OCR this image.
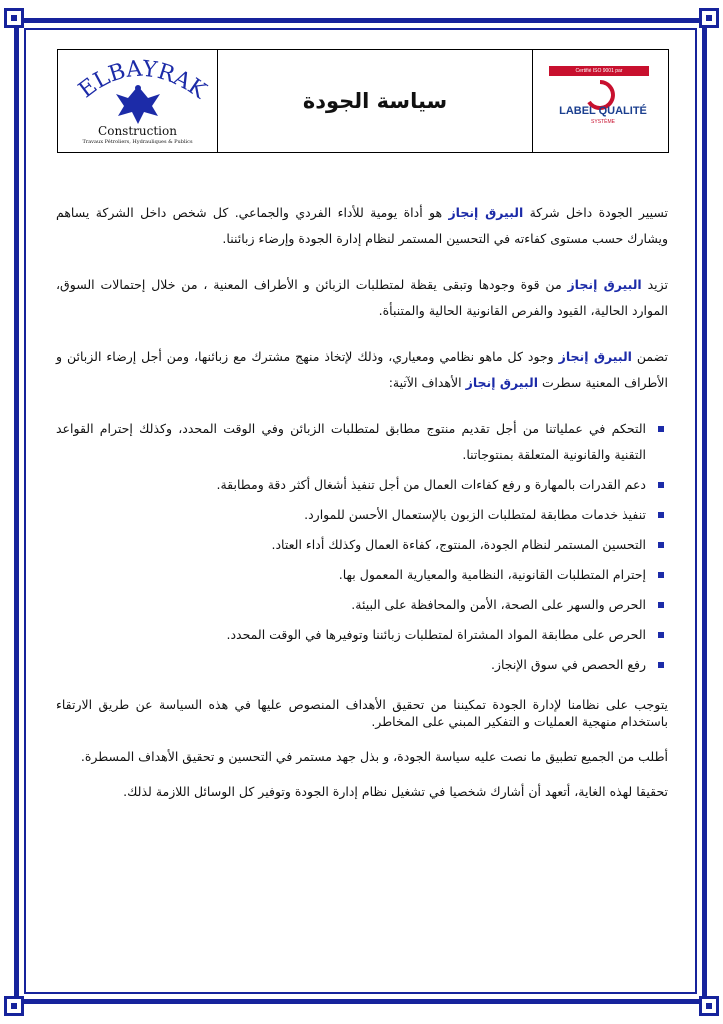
ELBAYRAK
Construction
Travaux Pétroliers, Hydrauliques & Publics
سياسة الجودة
Certifié ISO 9001 par
LABEL QUALITÉ
SYSTÈME

تسيير الجودة داخل شركة البيرق إنجاز هو أداة يومية للأداء الفردي والجماعي. كل شخص داخل الشركة يساهم ويشارك حسب مستوى كفاءته في التحسين المستمر لنظام إدارة الجودة وإرضاء زبائننا.

تزيد البيرق إنجاز من قوة وجودها وتبقى يقظة لمتطلبات الزبائن و الأطراف المعنية ، من خلال إحتمالات السوق، الموارد الحالية، القيود والفرص القانونية الحالية والمتنبأة.

تضمن البيرق إنجاز وجود كل ماهو نظامي ومعياري، وذلك لإتخاذ منهج مشترك مع زبائنها، ومن أجل إرضاء الزبائن و الأطراف المعنية سطرت البيرق إنجاز الأهداف الآتية:

التحكم في عملياتنا من أجل تقديم منتوج مطابق لمتطلبات الزبائن وفي الوقت المحدد، وكذلك إحترام القواعد التقنية والقانونية المتعلقة بمنتوجاتنا.
دعم القدرات بالمهارة و رفع كفاءات العمال من أجل تنفيذ أشغال أكثر دقة ومطابقة.
تنفيذ خدمات مطابقة لمتطلبات الزبون بالإستعمال الأحسن للموارد.
التحسين المستمر لنظام الجودة، المنتوج، كفاءة العمال وكذلك أداء العتاد.
إحترام المتطلبات القانونية، النظامية والمعيارية المعمول بها.
الحرص والسهر على الصحة، الأمن والمحافظة على البيئة.
الحرص على مطابقة المواد المشتراة لمتطلبات زبائننا وتوفيرها في الوقت المحدد.
رفع الحصص في سوق الإنجاز.

يتوجب على نظامنا لإدارة الجودة تمكيننا من تحقيق الأهداف المنصوص عليها في هذه السياسة عن طريق الارتقاء باستخدام منهجية العمليات و التفكير المبني على المخاطر.

أطلب من الجميع تطبيق ما نصت عليه سياسة الجودة، و بذل جهد مستمر في التحسين و تحقيق الأهداف المسطرة.

تحقيقا لهذه الغاية، أتعهد أن أشارك شخصيا في تشغيل نظام إدارة الجودة وتوفير كل الوسائل اللازمة لذلك.
